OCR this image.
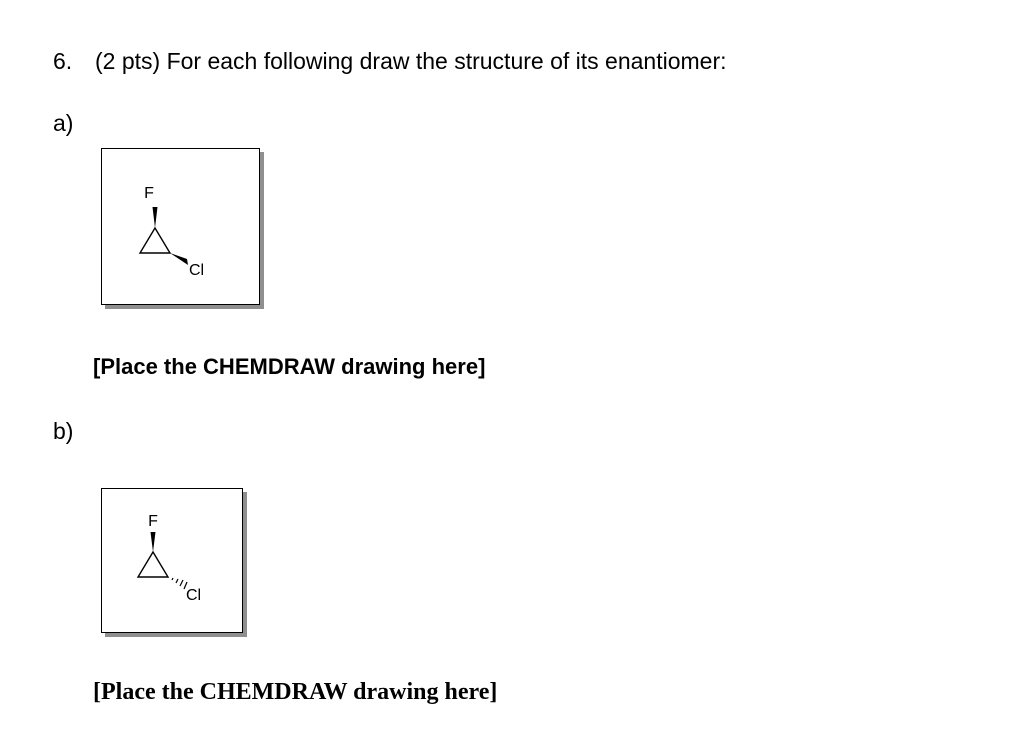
6. (2 pts) For each following draw the structure of its enantiomer:
a)
F
Cl
[Place the CHEMDRAW drawing here]
b)
F
Cl
[Place the CHEMDRAW drawing here]
